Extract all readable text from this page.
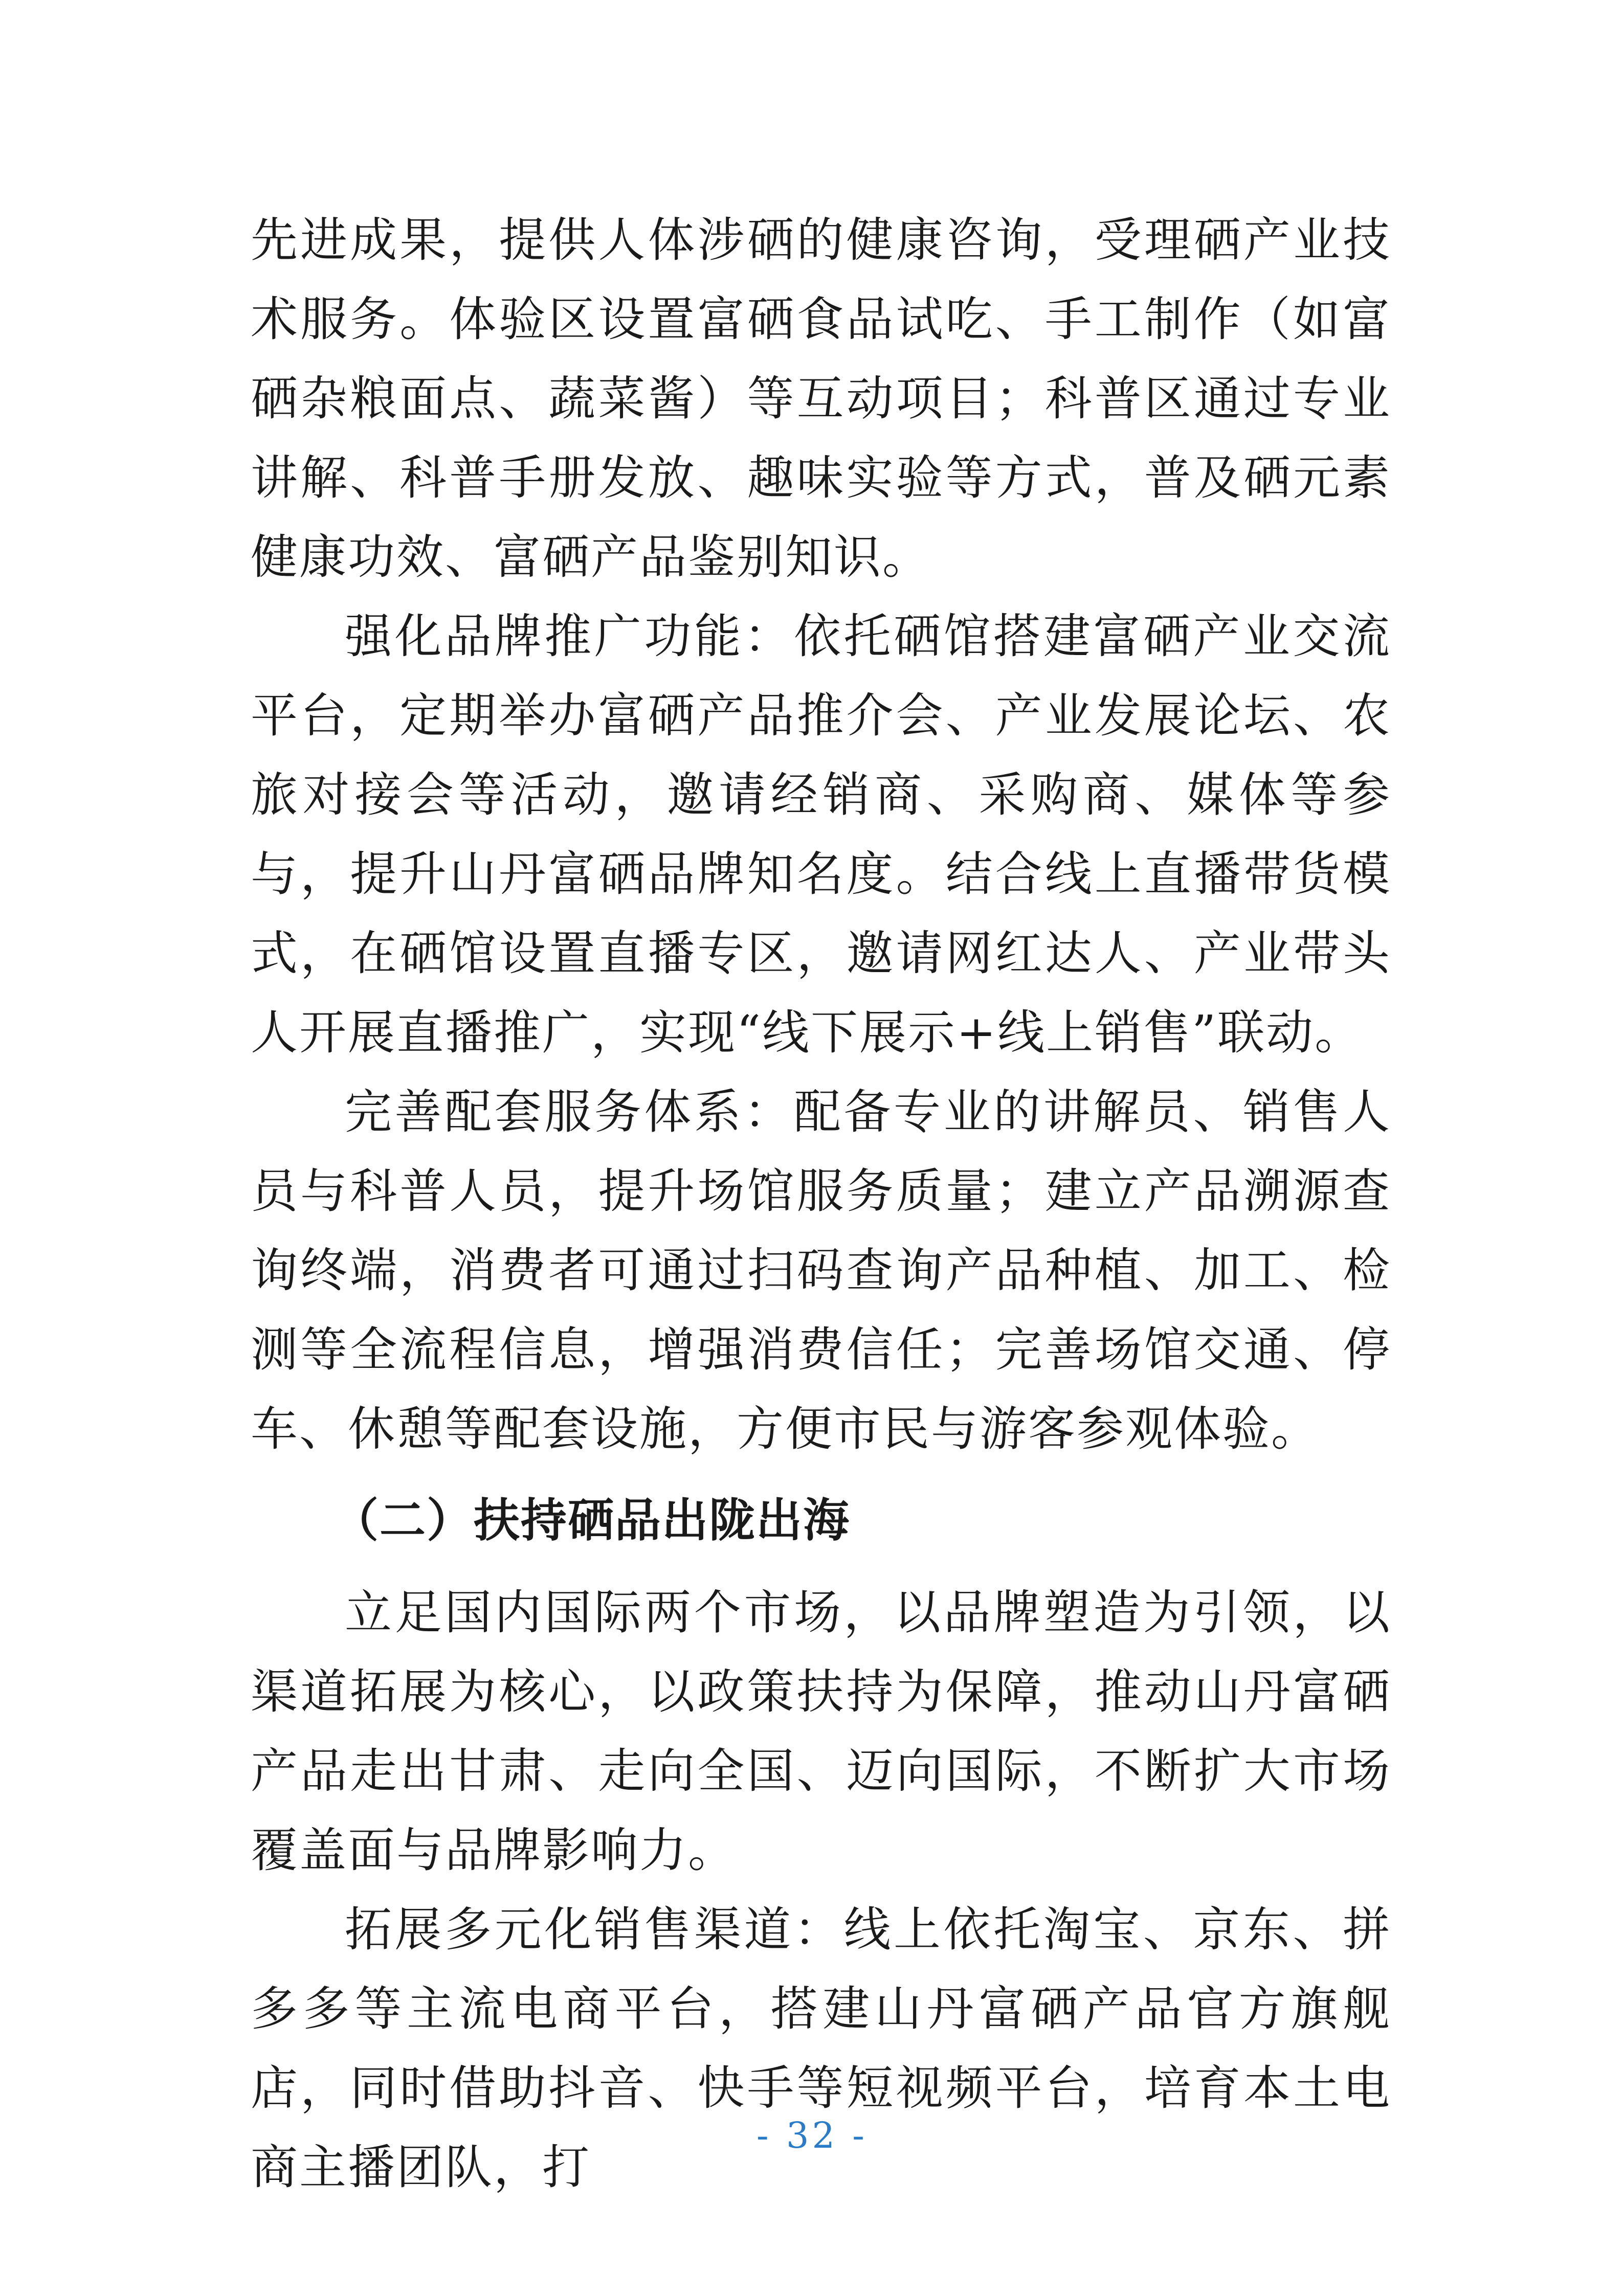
先进成果，提供人体涉硒的健康咨询，受理硒产业技术服务。体验区设置富硒食品试吃、手工制作（如富硒杂粮面点、蔬菜酱）等互动项目；科普区通过专业讲解、科普手册发放、趣味实验等方式，普及硒元素健康功效、富硒产品鉴别知识。

强化品牌推广功能：依托硒馆搭建富硒产业交流平台，定期举办富硒产品推介会、产业发展论坛、农旅对接会等活动，邀请经销商、采购商、媒体等参与，提升山丹富硒品牌知名度。结合线上直播带货模式，在硒馆设置直播专区，邀请网红达人、产业带头人开展直播推广，实现“线下展示+线上销售”联动。

完善配套服务体系：配备专业的讲解员、销售人员与科普人员，提升场馆服务质量；建立产品溯源查询终端，消费者可通过扫码查询产品种植、加工、检测等全流程信息，增强消费信任；完善场馆交通、停车、休憩等配套设施，方便市民与游客参观体验。

（二）扶持硒品出陇出海

立足国内国际两个市场，以品牌塑造为引领，以渠道拓展为核心，以政策扶持为保障，推动山丹富硒产品走出甘肃、走向全国、迈向国际，不断扩大市场覆盖面与品牌影响力。

拓展多元化销售渠道：线上依托淘宝、京东、拼多多等主流电商平台，搭建山丹富硒产品官方旗舰店，同时借助抖音、快手等短视频平台，培育本土电商主播团队，打

- 32 -
